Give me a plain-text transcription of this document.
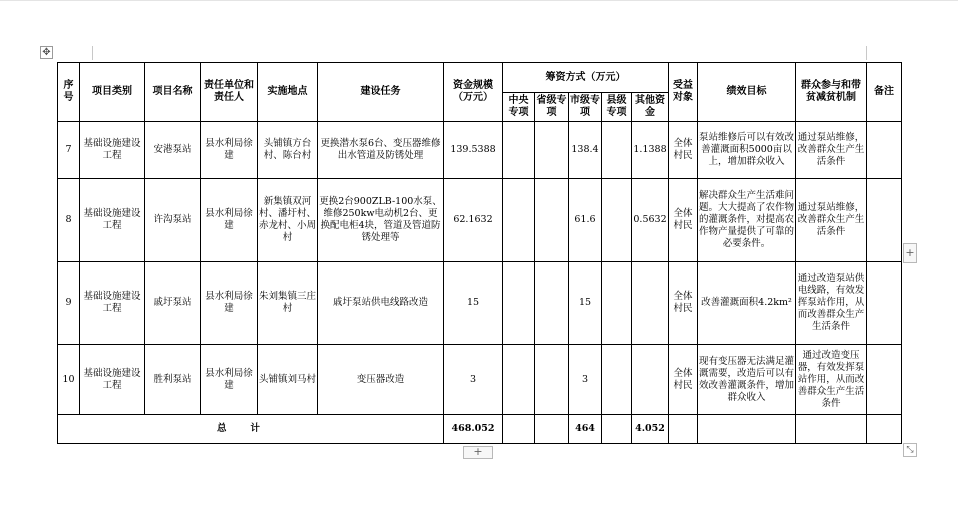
✥
序号	项目类别	项目名称	责任单位和责任人	实施地点	建设任务	资金规模（万元）	筹资方式（万元）					受益对象	绩效目标	群众参与和带贫减贫机制	备注
							中央专项	省级专项	市级专项	县级专项	其他资金				
7	基础设施建设工程	安港泵站	县水利局徐建	头铺镇方台村、陈台村	更换潜水泵6台、变压器维修出水管道及防锈处理	139.5388			138.4		1.1388	全体村民	泵站维修后可以有效改善灌溉面积5000亩以上，增加群众收入	通过泵站维修，改善群众生产生活条件	
8	基础设施建设工程	许沟泵站	县水利局徐建	新集镇双河村、潘圩村、赤龙村、小周村	更换2台900ZLB-100水泵、维修250kw电动机2台、更换配电柜4块，管道及管道防锈处理等	62.1632			61.6		0.5632	全体村民	解决群众生产生活难问题。大大提高了农作物的灌溉条件，对提高农作物产量提供了可靠的必要条件。	通过泵站维修，改善群众生产生活条件	
9	基础设施建设工程	戚圩泵站	县水利局徐建	朱刘集镇三庄村	戚圩泵站供电线路改造	15			15			全体村民	改善灌溉面积4.2km²	通过改造泵站供电线路，有效发挥泵站作用，从而改善群众生产生活条件	
10	基础设施建设工程	胜利泵站	县水利局徐建	头铺镇刘马村	变压器改造	3			3			全体村民	现有变压器无法满足灌溉需要，改造后可以有效改善灌溉条件，增加群众收入	通过改造变压器，有效发挥泵站作用，从而改善群众生产生活条件	
总计						468.052			464		4.052				
+
+
⤡
